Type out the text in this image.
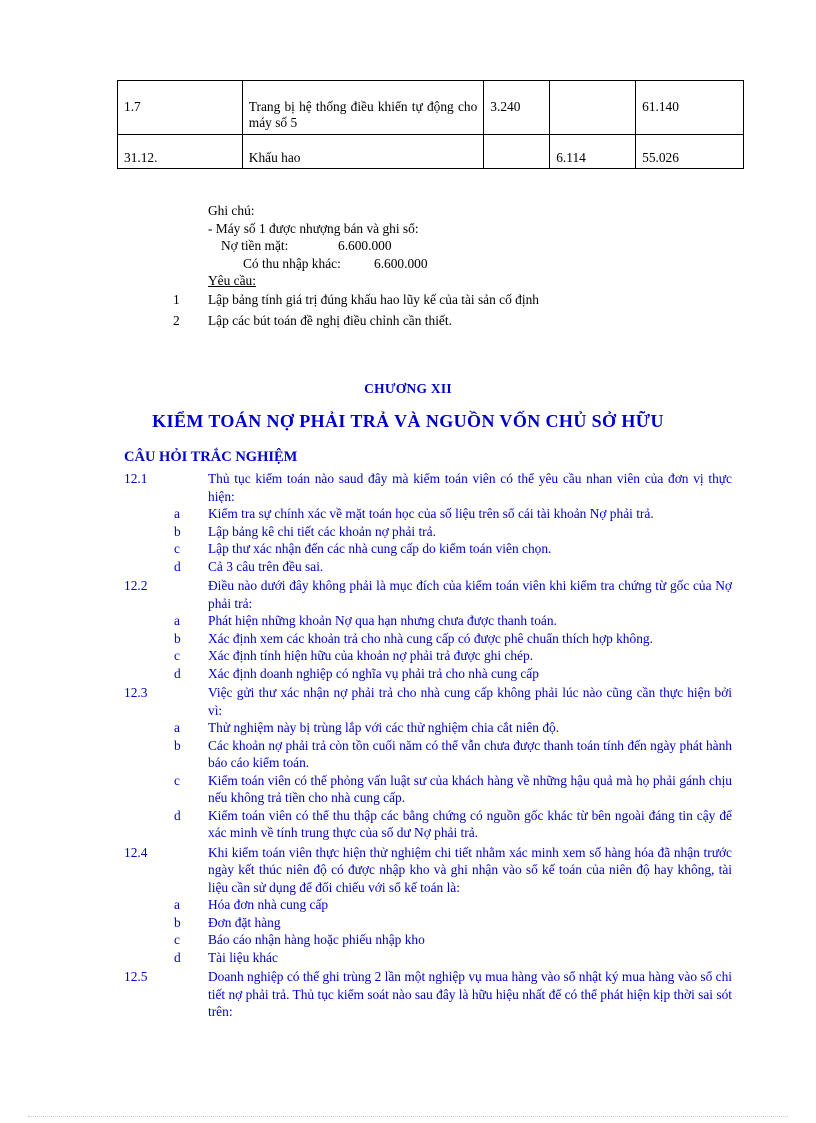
1.7	Trang bị hệ thống điều khiển tự động cho máy số 5	3.240		61.140
31.12.	Khấu hao		6.114	55.026
Ghi chú:
- Máy số 1 được nhượng bán và ghi sổ:
Nợ tiền mặt:	6.600.000
Có thu nhập khác: 6.600.000
Yêu cầu:
1 Lập bảng tính giá trị đúng khấu hao lũy kế của tài sản cố định
2 Lập các bút toán đề nghị điều chỉnh cần thiết.
CHƯƠNG XII
KIỂM TOÁN NỢ PHẢI TRẢ VÀ NGUỒN VỐN CHỦ SỞ HỮU
CÂU HỎI TRẮC NGHIỆM
12.1	Thủ tục kiểm toán nào saud đây mà kiểm toán viên có thể yêu cầu nhan viên của đơn vị thực hiện:
a Kiểm tra sự chính xác về mặt toán học của số liệu trên sổ cái tài khoản Nợ phải trả.
b Lập bảng kê chi tiết các khoản nợ phải trả.
c Lập thư xác nhận đến các nhà cung cấp do kiểm toán viên chọn.
d Cả 3 câu trên đều sai.
12.2	Điều nào dưới đây không phải là mục đích của kiểm toán viên khi kiểm tra chứng từ gốc của Nợ phải trả:
a Phát hiện những khoản Nợ qua hạn nhưng chưa được thanh toán.
b Xác định xem các khoản trả cho nhà cung cấp có được phê chuẩn thích hợp không.
c Xác định tính hiện hữu của khoản nợ phải trả được ghi chép.
d Xác định doanh nghiệp có nghĩa vụ phải trả cho nhà cung cấp
12.3	Việc gửi thư xác nhận nợ phải trả cho nhà cung cấp không phải lúc nào cũng cần thực hiện bởi vì:
a Thử nghiệm này bị trùng lắp với các thử nghiệm chia cắt niên độ.
b Các khoản nợ phải trả còn tồn cuối năm có thể vẫn chưa được thanh toán tính đến ngày phát hành báo cáo kiểm toán.
c Kiểm toán viên có thể phỏng vấn luật sư của khách hàng về những hậu quả mà họ phải gánh chịu nếu không trả tiền cho nhà cung cấp.
d Kiểm toán viên có thể thu thập các bằng chứng có nguồn gốc khác từ bên ngoài đáng tin cậy để xác minh về tính trung thực của số dư Nợ phải trả.
12.4	Khi kiểm toán viên thực hiện thử nghiệm chi tiết nhằm xác minh xem số hàng hóa đã nhận trước ngày kết thúc niên độ có được nhập kho và ghi nhận vào sổ kế toán của niên độ hay không, tài liệu cần sử dụng để đối chiếu với sổ kế toán là:
a Hóa đơn nhà cung cấp
b Đơn đặt hàng
c Báo cáo nhận hàng hoặc phiếu nhập kho
d Tài liệu khác
12.5	Doanh nghiệp có thể ghi trùng 2 lần một nghiệp vụ mua hàng vào sổ nhật ký mua hàng vào sổ chi tiết nợ phải trả. Thủ tục kiểm soát nào sau đây là hữu hiệu nhất để có thể phát hiện kịp thời sai sót trên:
